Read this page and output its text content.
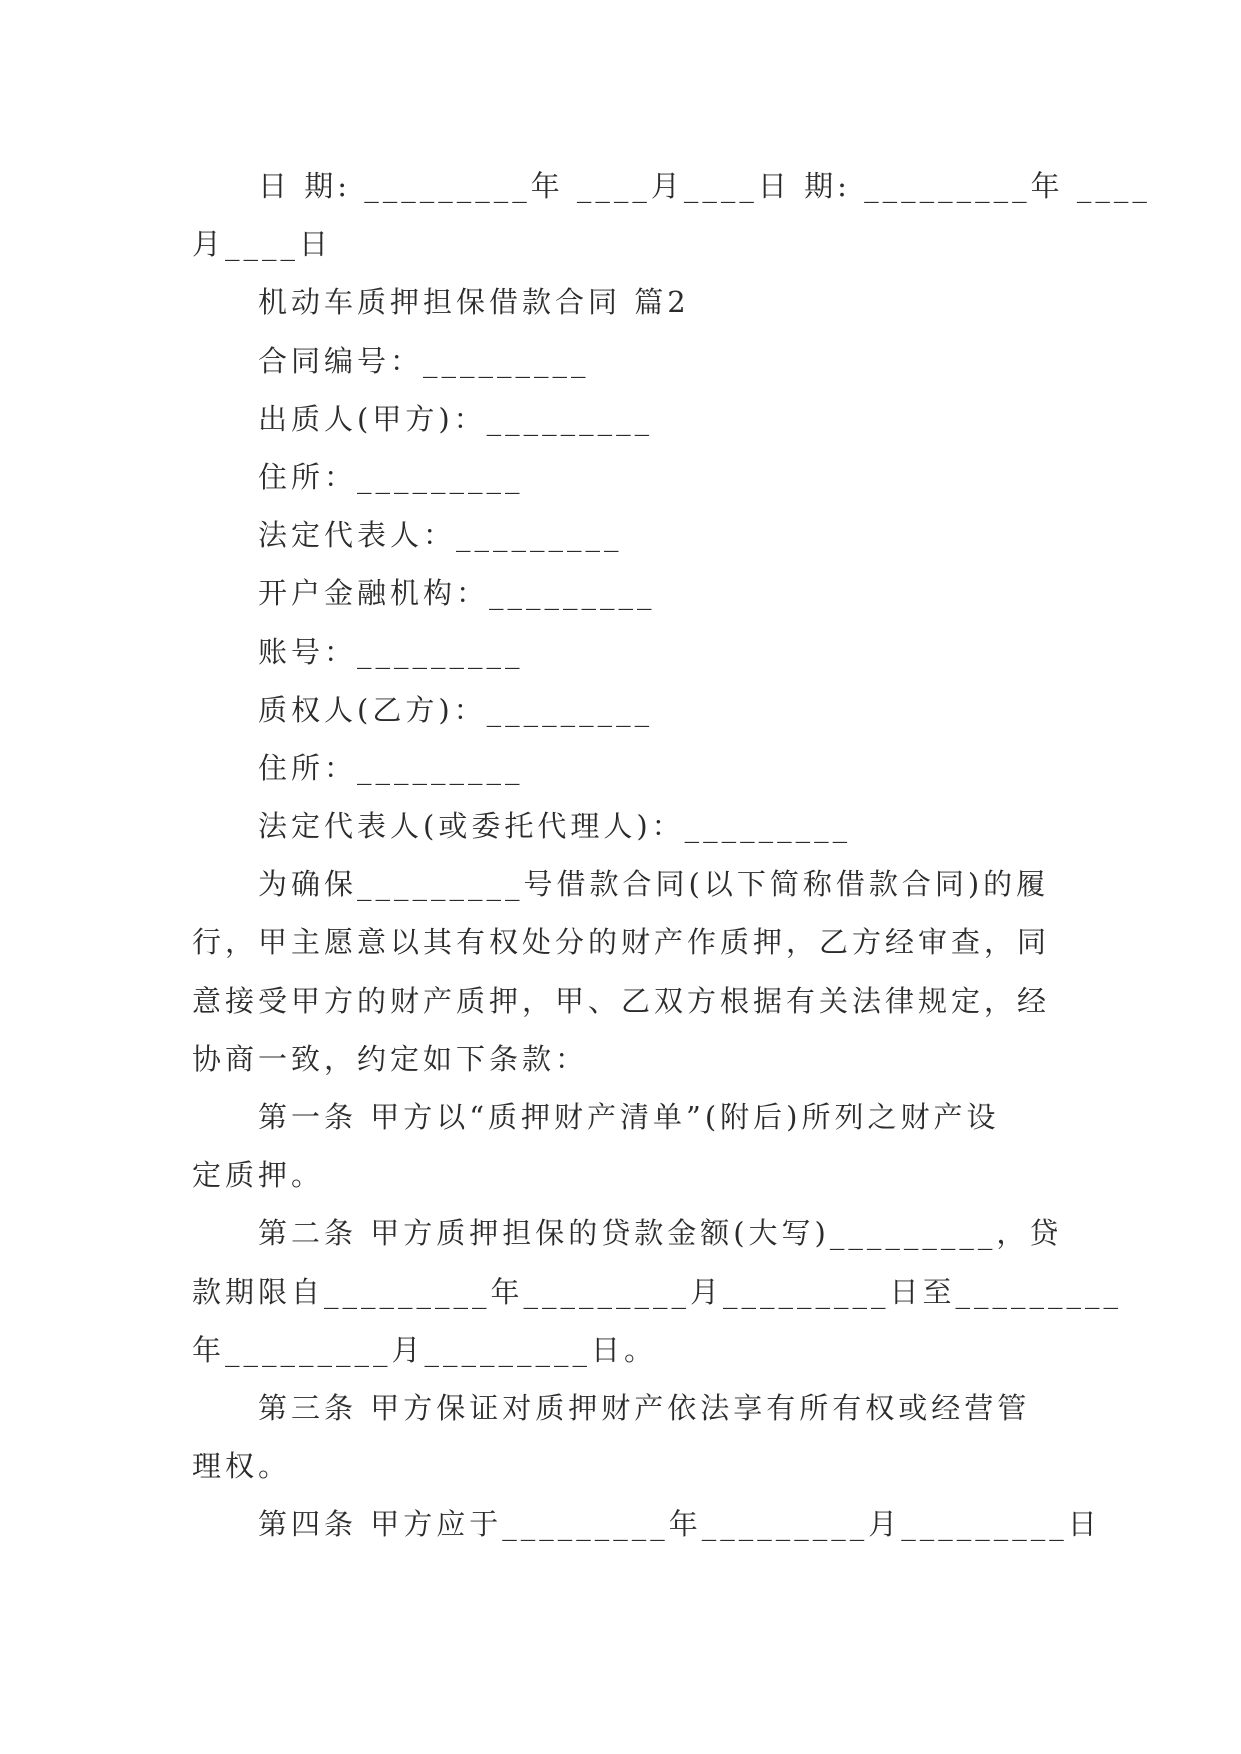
日 期: _________年 ____月____日 期: _________年 ____
月____日
机动车质押担保借款合同 篇2
合同编号：_________
出质人(甲方)：_________
住所：_________
法定代表人：_________
开户金融机构：_________
账号：_________
质权人(乙方)：_________
住所：_________
法定代表人(或委托代理人)：_________
为确保_________号借款合同(以下简称借款合同)的履
行，甲主愿意以其有权处分的财产作质押，乙方经审查，同
意接受甲方的财产质押，甲、乙双方根据有关法律规定，经
协商一致，约定如下条款：
第一条 甲方以“质押财产清单”(附后)所列之财产设
定质押。
第二条 甲方质押担保的贷款金额(大写)_________，贷
款期限自_________年_________月_________日至_________
年_________月_________日。
第三条 甲方保证对质押财产依法享有所有权或经营管
理权。
第四条 甲方应于_________年_________月_________日
